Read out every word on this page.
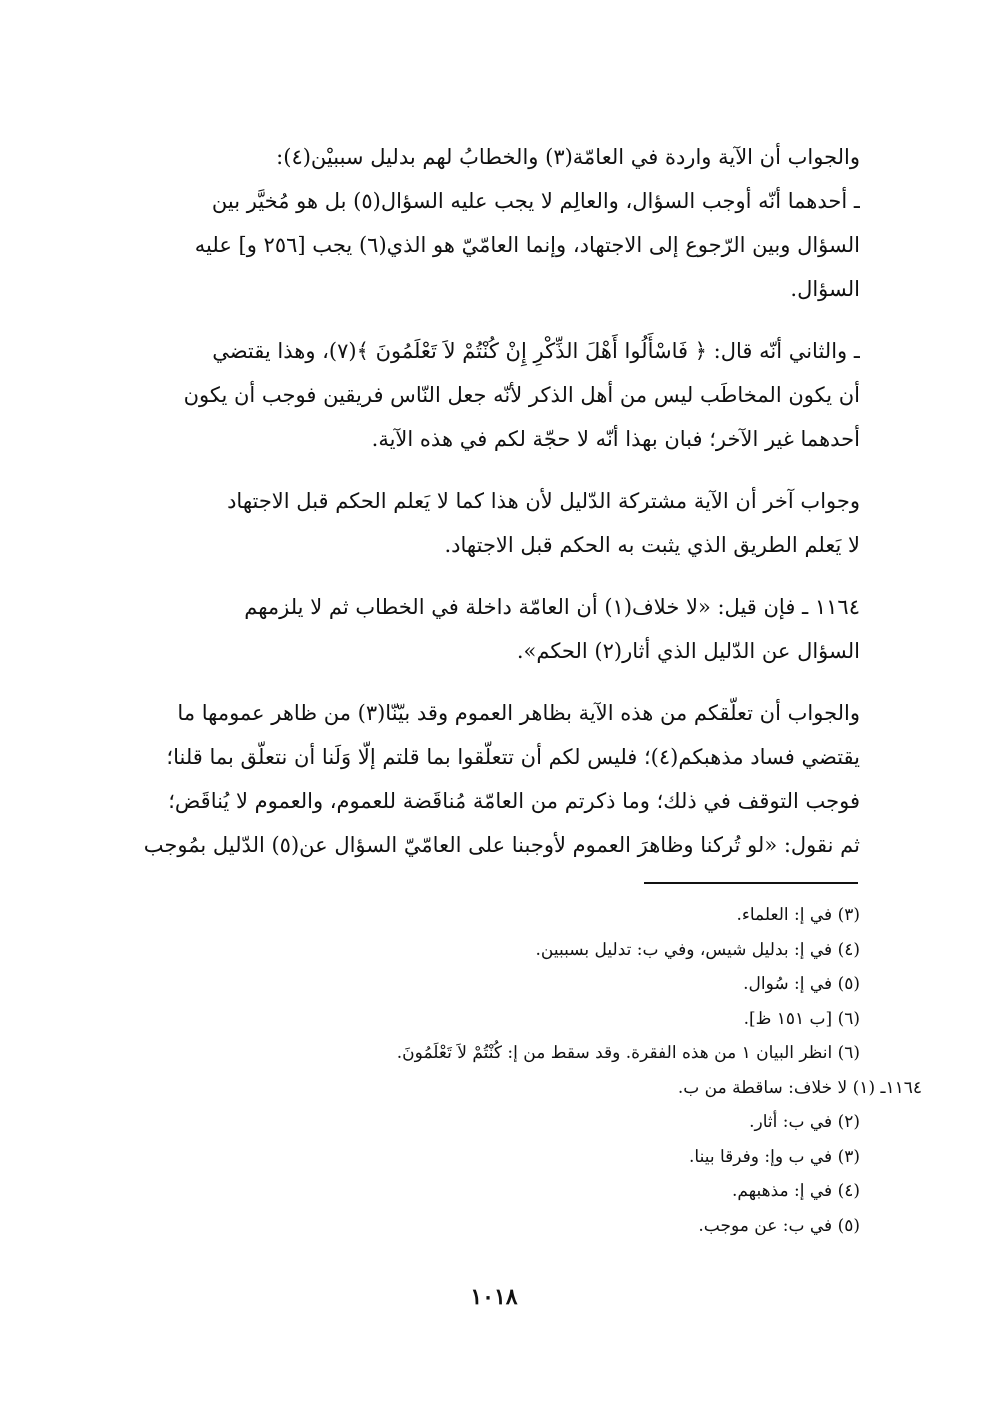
والجواب أن الآية واردة في العامّة(٣) والخطابُ لهم بدليل سببيْن(٤):
ـ أحدهما أنّه أوجب السؤال، والعالِم لا يجب عليه السؤال(٥) بل هو مُخيَّر بين
السؤال وبين الرّجوع إلى الاجتهاد، وإنما العامّيّ هو الذي(٦) يجب [٢٥٦ و] عليه
السؤال.
ـ والثاني أنّه قال: ﴿ فَاسْأَلُوا أَهْلَ الذِّكْرِ إِنْ كُنْتُمْ لاَ تَعْلَمُونَ ﴾(٧)، وهذا يقتضي
أن يكون المخاطَب ليس من أهل الذكر لأنّه جعل النّاس فريقين فوجب أن يكون
أحدهما غير الآخر؛ فبان بهذا أنّه لا حجّة لكم في هذه الآية.
وجواب آخر أن الآية مشتركة الدّليل لأن هذا كما لا يَعلم الحكم قبل الاجتهاد
لا يَعلم الطريق الذي يثبت به الحكم قبل الاجتهاد.
١١٦٤ ـ فإن قيل: «لا خلاف(١) أن العامّة داخلة في الخطاب ثم لا يلزمهم
السؤال عن الدّليل الذي أثار(٢) الحكم».
والجواب أن تعلّقكم من هذه الآية بظاهر العموم وقد بيّنّا(٣) من ظاهر عمومها ما
يقتضي فساد مذهبكم(٤)؛ فليس لكم أن تتعلّقوا بما قلتم إلّا وَلَنا أن نتعلّق بما قلنا؛
فوجب التوقف في ذلك؛ وما ذكرتم من العامّة مُناقَضة للعموم، والعموم لا يُناقَض؛
ثم نقول: «لو تُركنا وظاهرَ العموم لأوجبنا على العامّيّ السؤال عن(٥) الدّليل بمُوجب
(٣) في إ: العلماء.
(٤) في إ: بدليل شيس، وفي ب: تدليل بسببين.
(٥) في إ: سُوال.
(٦) [ب ١٥١ ظ].
(٦) انظر البيان ١ من هذه الفقرة. وقد سقط من إ: كُنْتُمْ لاَ تَعْلَمُونَ.
١١٦٤ـ (١) لا خلاف: ساقطة من ب.
(٢) في ب: أثار.
(٣) في ب وإ: وفرقا بينا.
(٤) في إ: مذهبهم.
(٥) في ب: عن موجب.
١٠١٨
